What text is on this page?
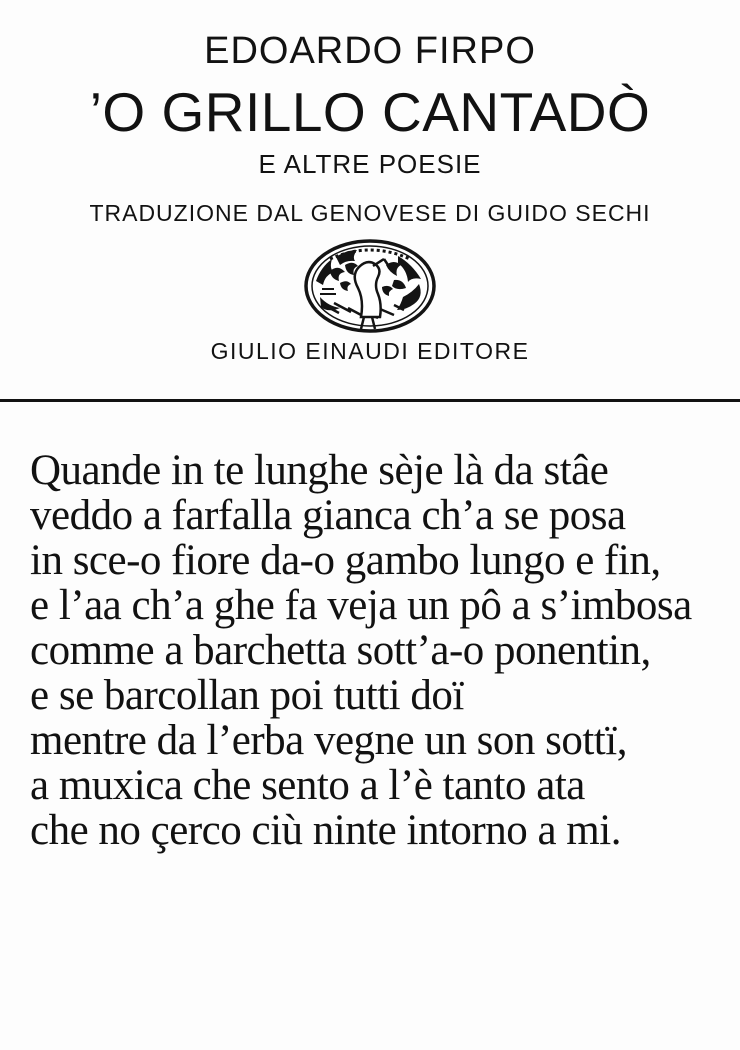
EDOARDO FIRPO
’O GRILLO CANTADÒ
E ALTRE POESIE
TRADUZIONE DAL GENOVESE DI GUIDO SECHI
GIULIO EINAUDI EDITORE
Quande in te lunghe sèje là da stâe
veddo a farfalla gianca ch’a se posa
in sce-o fiore da-o gambo lungo e fin,
e l’aa ch’a ghe fa veja un pô a s’imbosa
comme a barchetta sott’a-o ponentin,
e se barcollan poi tutti doï
mentre da l’erba vegne un son sottï,
a muxica che sento a l’è tanto ata
che no çerco ciù ninte intorno a mi.
